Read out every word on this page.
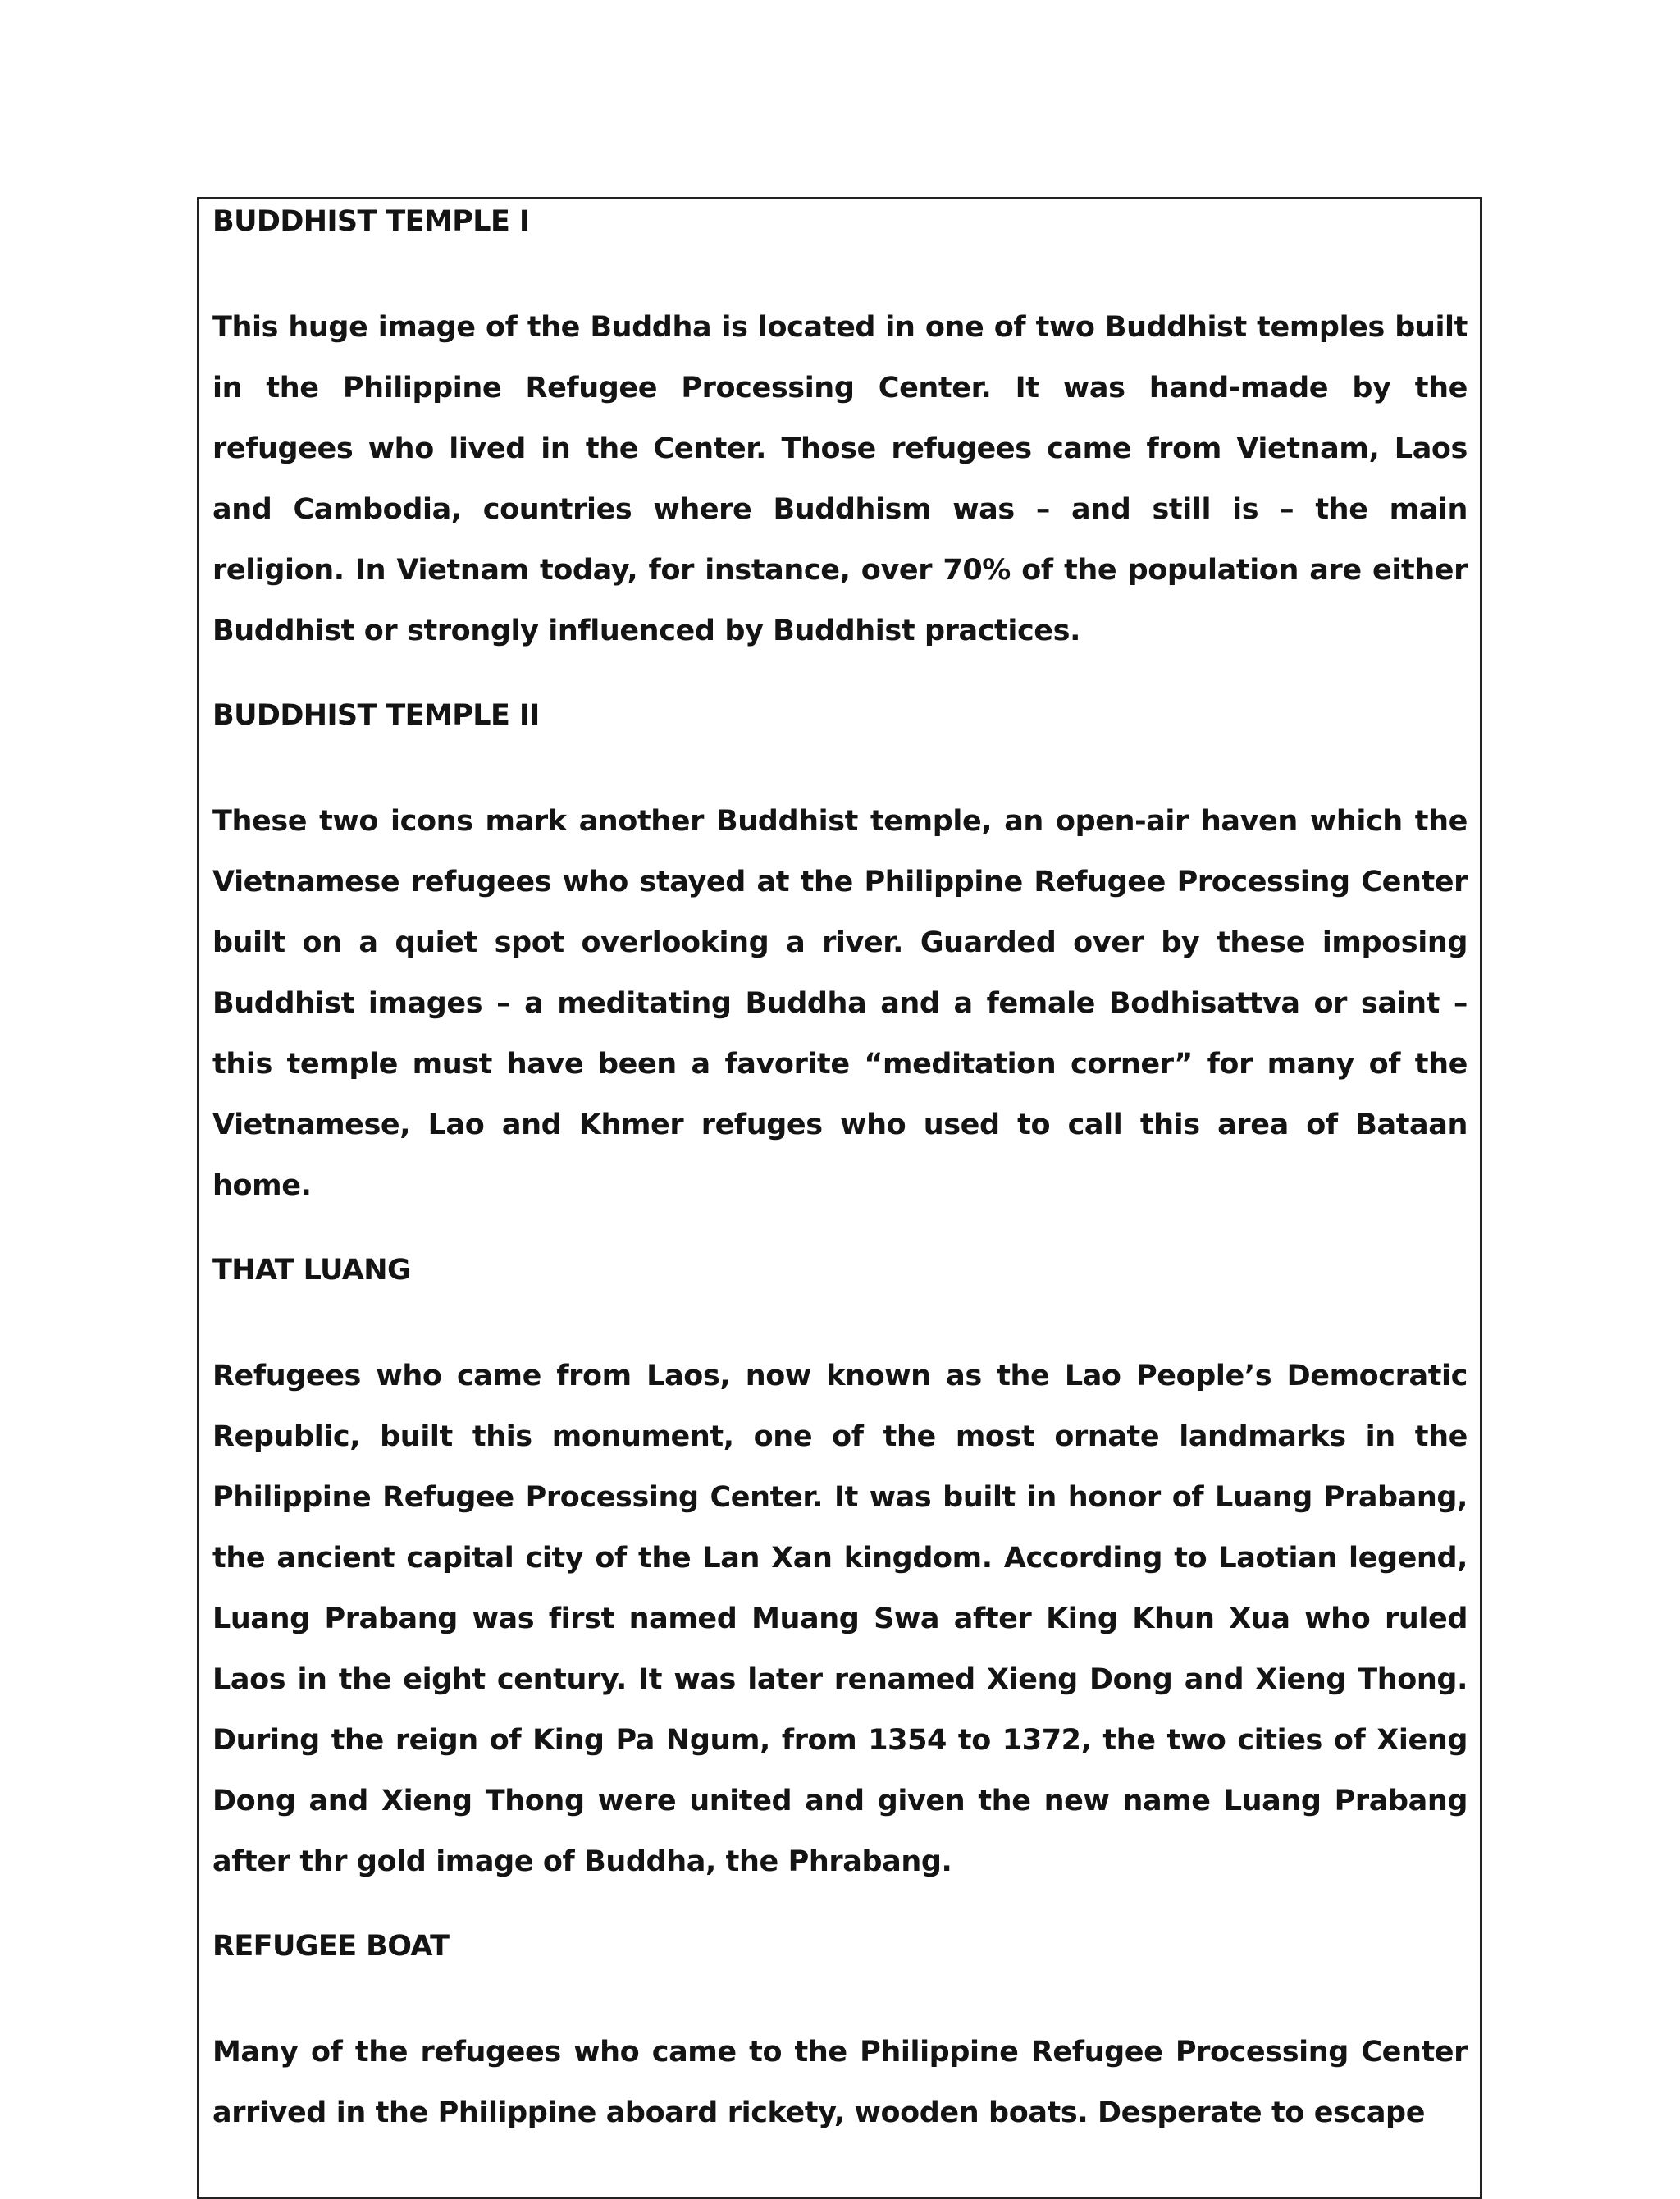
BUDDHIST TEMPLE I

This huge image of the Buddha is located in one of two Buddhist temples built in the Philippine Refugee Processing Center. It was hand-made by the refugees who lived in the Center. Those refugees came from Vietnam, Laos and Cambodia, countries where Buddhism was – and still is – the main religion. In Vietnam today, for instance, over 70% of the population are either Buddhist or strongly influenced by Buddhist practices.

BUDDHIST TEMPLE II

These two icons mark another Buddhist temple, an open-air haven which the Vietnamese refugees who stayed at the Philippine Refugee Processing Center built on a quiet spot overlooking a river. Guarded over by these imposing Buddhist images – a meditating Buddha and a female Bodhisattva or saint – this temple must have been a favorite “meditation corner” for many of the Vietnamese, Lao and Khmer refuges who used to call this area of Bataan home.

THAT LUANG

Refugees who came from Laos, now known as the Lao People’s Democratic Republic, built this monument, one of the most ornate landmarks in the Philippine Refugee Processing Center. It was built in honor of Luang Prabang, the ancient capital city of the Lan Xan kingdom. According to Laotian legend, Luang Prabang was first named Muang Swa after King Khun Xua who ruled Laos in the eight century. It was later renamed Xieng Dong and Xieng Thong. During the reign of King Pa Ngum, from 1354 to 1372, the two cities of Xieng Dong and Xieng Thong were united and given the new name Luang Prabang after thr gold image of Buddha, the Phrabang.

REFUGEE BOAT

Many of the refugees who came to the Philippine Refugee Processing Center arrived in the Philippine aboard rickety, wooden boats. Desperate to escape
